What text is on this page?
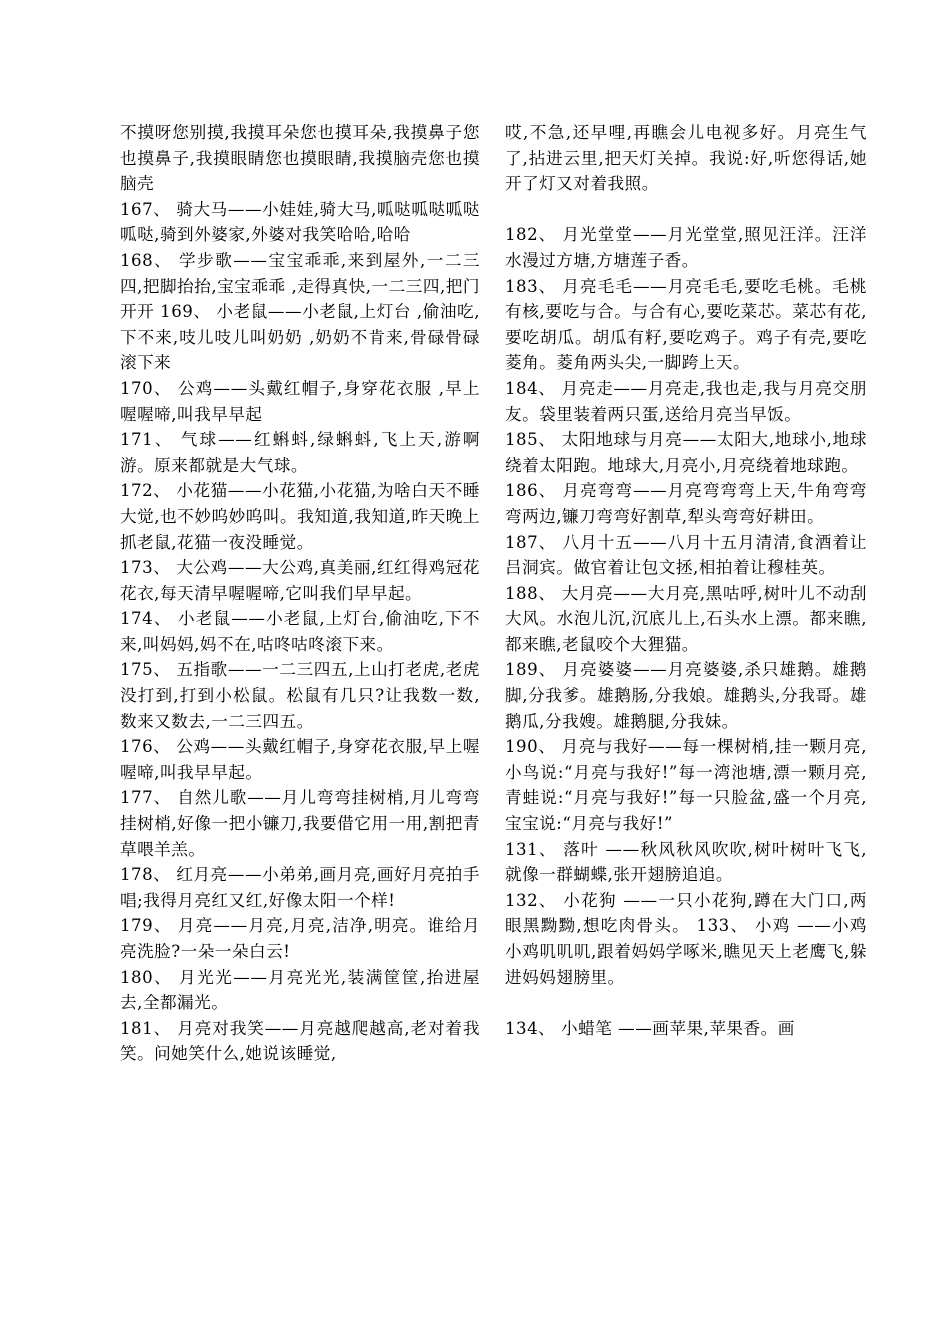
不摸呀您别摸,我摸耳朵您也摸耳朵,我摸鼻子您也摸鼻子,我摸眼睛您也摸眼睛,我摸脑壳您也摸脑壳

167、 骑大马——小娃娃,骑大马,呱哒呱哒呱哒呱哒,骑到外婆家,外婆对我笑哈哈,哈哈

168、 学步歌——宝宝乖乖,来到屋外,一二三四,把脚抬抬,宝宝乖乖 ,走得真快,一二三四,把门开开 169、 小老鼠——小老鼠,上灯台 ,偷油吃,下不来,吱儿吱儿叫奶奶 ,奶奶不肯来,骨碌骨碌滚下来

170、 公鸡——头戴红帽子,身穿花衣服 ,早上喔喔啼,叫我早早起

171、 气球——红蝌蚪,绿蝌蚪,飞上天,游啊游。原来都就是大气球。

172、 小花猫——小花猫,小花猫,为啥白天不睡大觉,也不妙呜妙呜叫。我知道,我知道,昨天晚上抓老鼠,花猫一夜没睡觉。

173、 大公鸡——大公鸡,真美丽,红红得鸡冠花花衣,每天清早喔喔啼,它叫我们早早起。

174、 小老鼠——小老鼠,上灯台,偷油吃,下不来,叫妈妈,妈不在,咕咚咕咚滚下来。

175、 五指歌——一二三四五,上山打老虎,老虎没打到,打到小松鼠。松鼠有几只?让我数一数,数来又数去,一二三四五。

176、 公鸡——头戴红帽子,身穿花衣服,早上喔喔啼,叫我早早起。

177、 自然儿歌——月儿弯弯挂树梢,月儿弯弯挂树梢,好像一把小镰刀,我要借它用一用,割把青草喂羊羔。

178、 红月亮——小弟弟,画月亮,画好月亮拍手唱;我得月亮红又红,好像太阳一个样!

179、 月亮——月亮,月亮,洁净,明亮。谁给月亮洗脸?一朵一朵白云!

180、 月光光——月亮光光,装满筐筐,抬进屋去,全都漏光。

181、 月亮对我笑——月亮越爬越高,老对着我笑。问她笑什么,她说该睡觉,

哎,不急,还早哩,再瞧会儿电视多好。月亮生气了,拈进云里,把天灯关掉。我说:好,听您得话,她开了灯又对着我照。

182、 月光堂堂——月光堂堂,照见汪洋。汪洋水漫过方塘,方塘莲子香。

183、 月亮毛毛——月亮毛毛,要吃毛桃。毛桃有核,要吃与合。与合有心,要吃菜芯。菜芯有花,要吃胡瓜。胡瓜有籽,要吃鸡子。鸡子有壳,要吃菱角。菱角两头尖,一脚跨上天。

184、 月亮走——月亮走,我也走,我与月亮交朋友。袋里装着两只蛋,送给月亮当早饭。

185、 太阳地球与月亮——太阳大,地球小,地球绕着太阳跑。地球大,月亮小,月亮绕着地球跑。

186、 月亮弯弯——月亮弯弯弯上天,牛角弯弯弯两边,镰刀弯弯好割草,犁头弯弯好耕田。

187、 八月十五——八月十五月清清,食酒着让吕洞宾。做官着让包文拯,相拍着让穆桂英。

188、 大月亮——大月亮,黑咕呼,树叶儿不动刮大风。水泡儿沉,沉底儿上,石头水上漂。都来瞧,都来瞧,老鼠咬个大狸猫。

189、 月亮婆婆——月亮婆婆,杀只雄鹅。雄鹅脚,分我爹。雄鹅肠,分我娘。雄鹅头,分我哥。雄鹅瓜,分我嫂。雄鹅腿,分我妹。

190、 月亮与我好——每一棵树梢,挂一颗月亮,小鸟说:“月亮与我好!”每一湾池塘,漂一颗月亮,青蛙说:“月亮与我好!”每一只脸盆,盛一个月亮,宝宝说:“月亮与我好!”

131、 落叶 ——秋风秋风吹吹,树叶树叶飞飞,就像一群蝴蝶,张开翅膀追追。

132、 小花狗 ——一只小花狗,蹲在大门口,两眼黑黝黝,想吃肉骨头。 133、 小鸡 ——小鸡小鸡叽叽叽,跟着妈妈学啄米,瞧见天上老鹰飞,躲进妈妈翅膀里。

134、 小蜡笔 ——画苹果,苹果香。画
